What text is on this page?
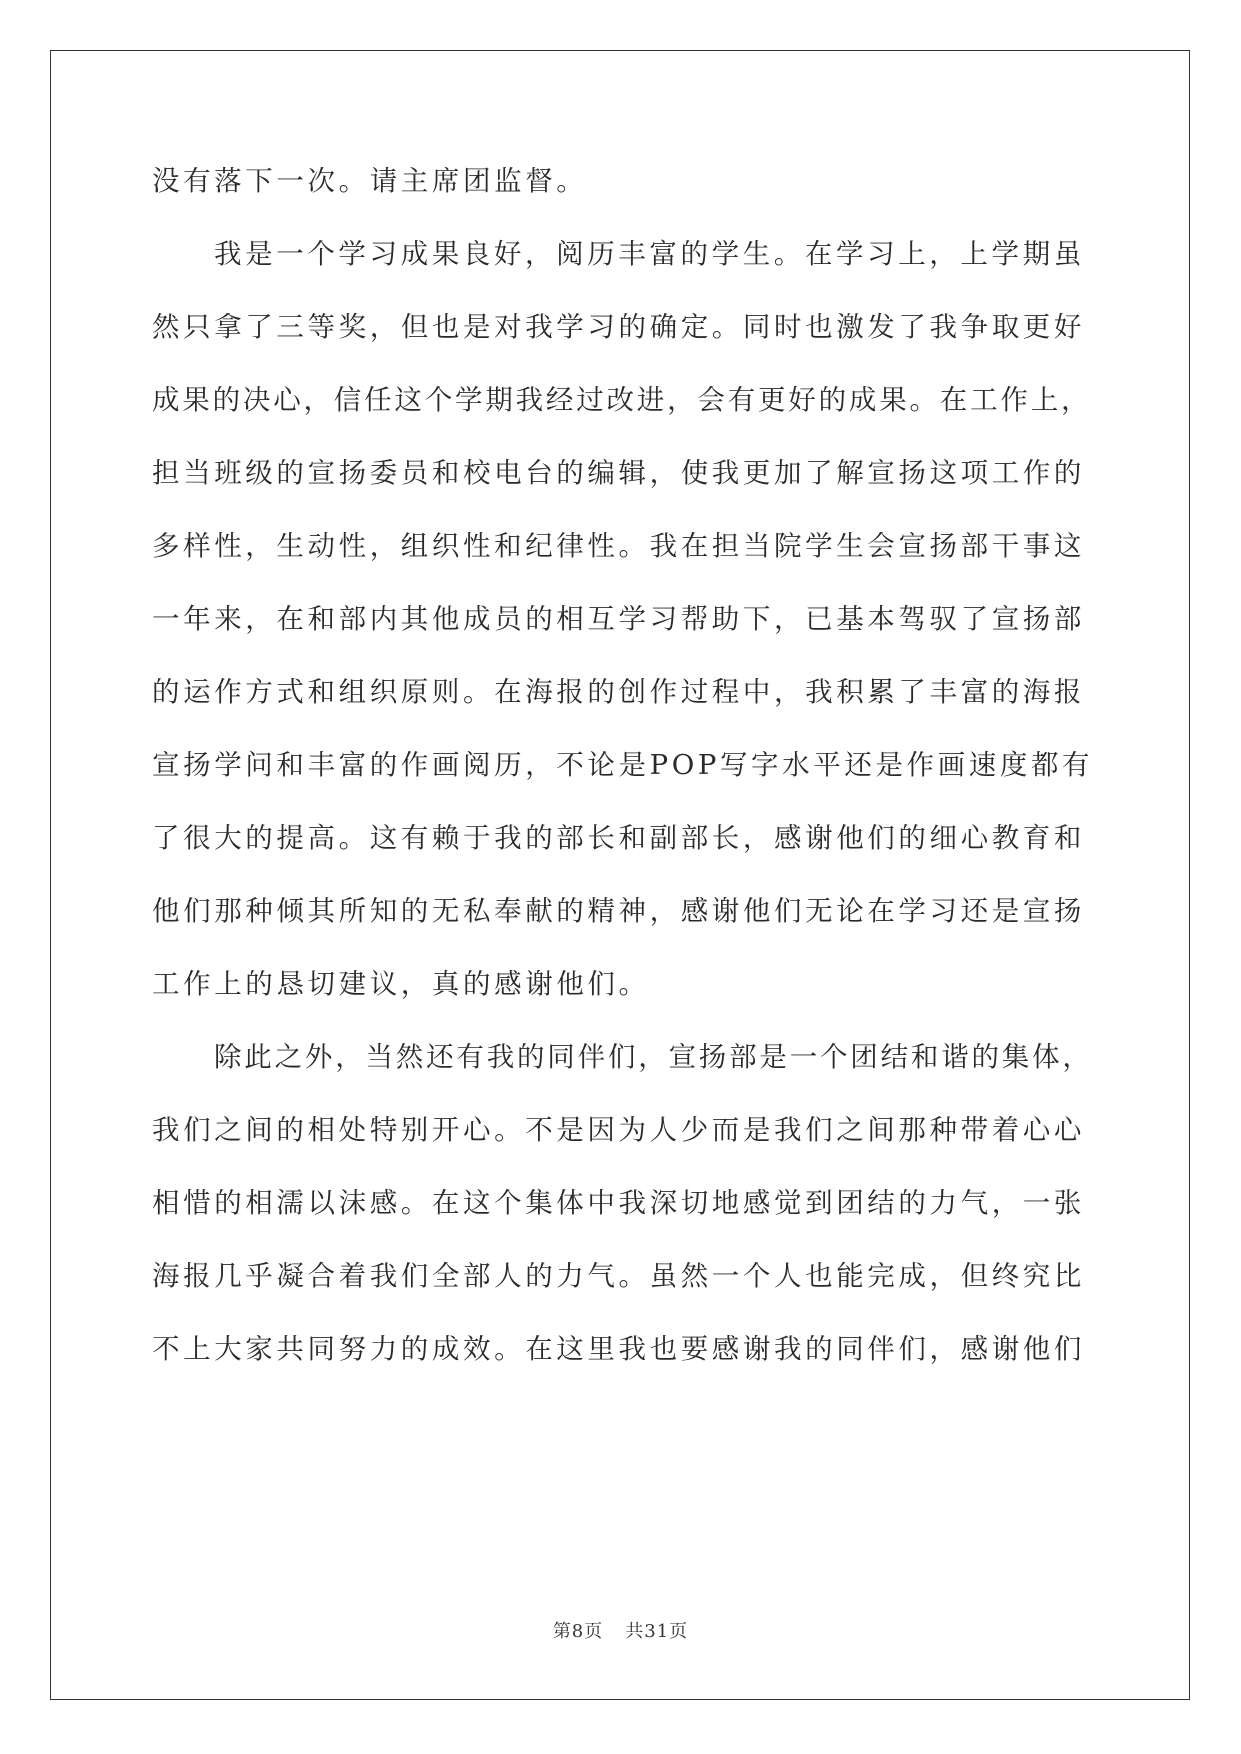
没有落下一次。请主席团监督。
我是一个学习成果良好，阅历丰富的学生。在学习上，上学期虽
然只拿了三等奖，但也是对我学习的确定。同时也激发了我争取更好
成果的决心，信任这个学期我经过改进，会有更好的成果。在工作上，
担当班级的宣扬委员和校电台的编辑，使我更加了解宣扬这项工作的
多样性，生动性，组织性和纪律性。我在担当院学生会宣扬部干事这
一年来，在和部内其他成员的相互学习帮助下，已基本驾驭了宣扬部
的运作方式和组织原则。在海报的创作过程中，我积累了丰富的海报
宣扬学问和丰富的作画阅历，不论是POP写字水平还是作画速度都有
了很大的提高。这有赖于我的部长和副部长，感谢他们的细心教育和
他们那种倾其所知的无私奉献的精神，感谢他们无论在学习还是宣扬
工作上的恳切建议，真的感谢他们。
除此之外，当然还有我的同伴们，宣扬部是一个团结和谐的集体，
我们之间的相处特别开心。不是因为人少而是我们之间那种带着心心
相惜的相濡以沫感。在这个集体中我深切地感觉到团结的力气，一张
海报几乎凝合着我们全部人的力气。虽然一个人也能完成，但终究比
不上大家共同努力的成效。在这里我也要感谢我的同伴们，感谢他们
第8页 共31页
